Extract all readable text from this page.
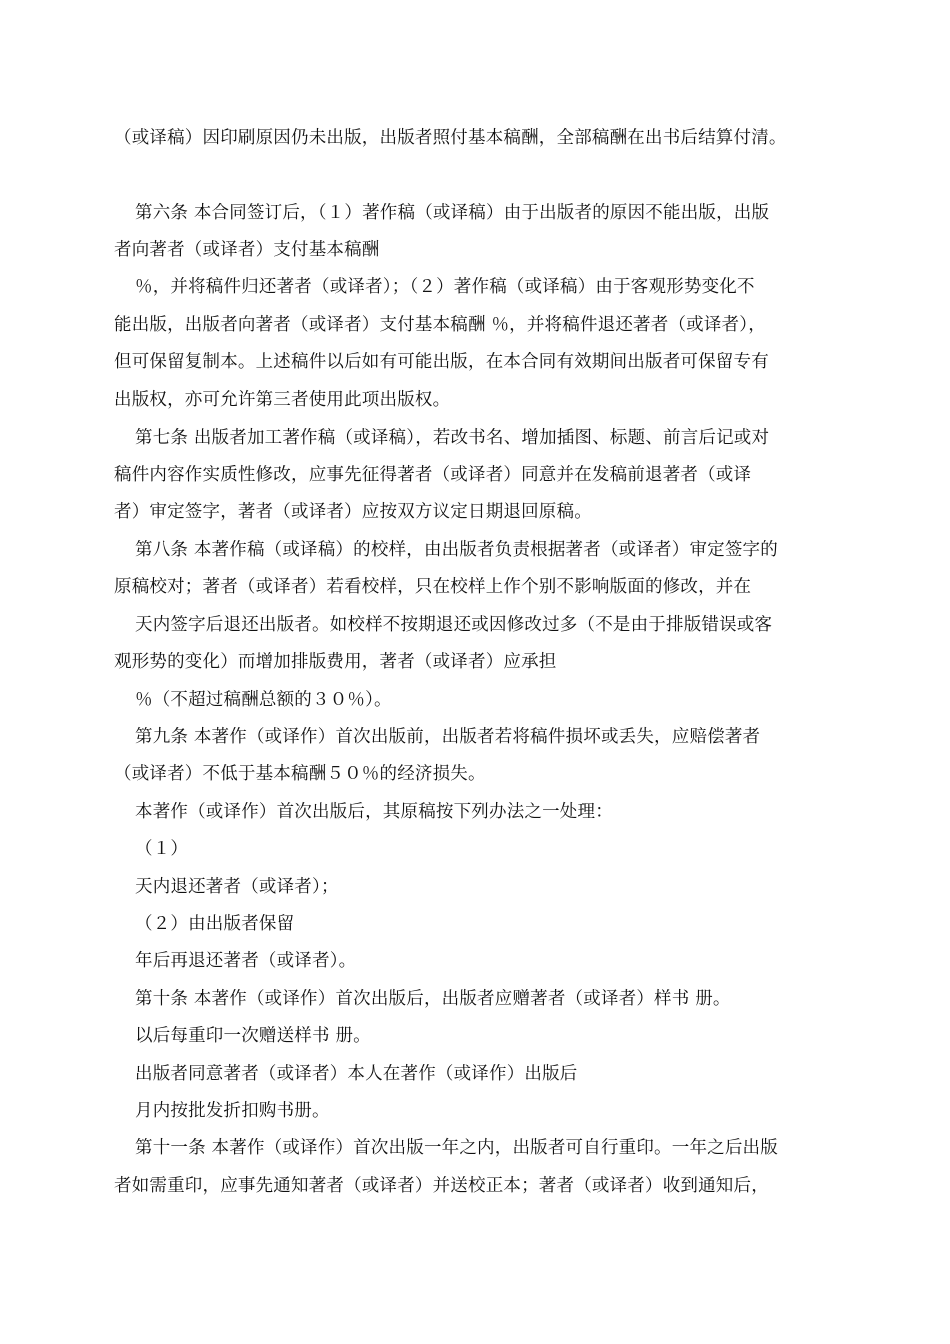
（或译稿）因印刷原因仍未出版，出版者照付基本稿酬，全部稿酬在出书后结算付清。
第六条 本合同签订后，（１）著作稿（或译稿）由于出版者的原因不能出版，出版
者向著者（或译者）支付基本稿酬
％，并将稿件归还著者（或译者）；（２）著作稿（或译稿）由于客观形势变化不
能出版，出版者向著者（或译者）支付基本稿酬 ％，并将稿件退还著者（或译者），
但可保留复制本。上述稿件以后如有可能出版，在本合同有效期间出版者可保留专有
出版权，亦可允许第三者使用此项出版权。
第七条 出版者加工著作稿（或译稿），若改书名、增加插图、标题、前言后记或对
稿件内容作实质性修改，应事先征得著者（或译者）同意并在发稿前退著者（或译
者）审定签字，著者（或译者）应按双方议定日期退回原稿。
第八条 本著作稿（或译稿）的校样，由出版者负责根据著者（或译者）审定签字的
原稿校对；著者（或译者）若看校样，只在校样上作个别不影响版面的修改，并在
天内签字后退还出版者。如校样不按期退还或因修改过多（不是由于排版错误或客
观形势的变化）而增加排版费用，著者（或译者）应承担
％（不超过稿酬总额的３０％）。
第九条 本著作（或译作）首次出版前，出版者若将稿件损坏或丢失，应赔偿著者
（或译者）不低于基本稿酬５０％的经济损失。
本著作（或译作）首次出版后，其原稿按下列办法之一处理：
（１）
天内退还著者（或译者）；
（２）由出版者保留
年后再退还著者（或译者）。
第十条 本著作（或译作）首次出版后，出版者应赠著者（或译者）样书 册。
以后每重印一次赠送样书 册。
出版者同意著者（或译者）本人在著作（或译作）出版后
月内按批发折扣购书册。
第十一条 本著作（或译作）首次出版一年之内，出版者可自行重印。一年之后出版
者如需重印，应事先通知著者（或译者）并送校正本；著者（或译者）收到通知后，
